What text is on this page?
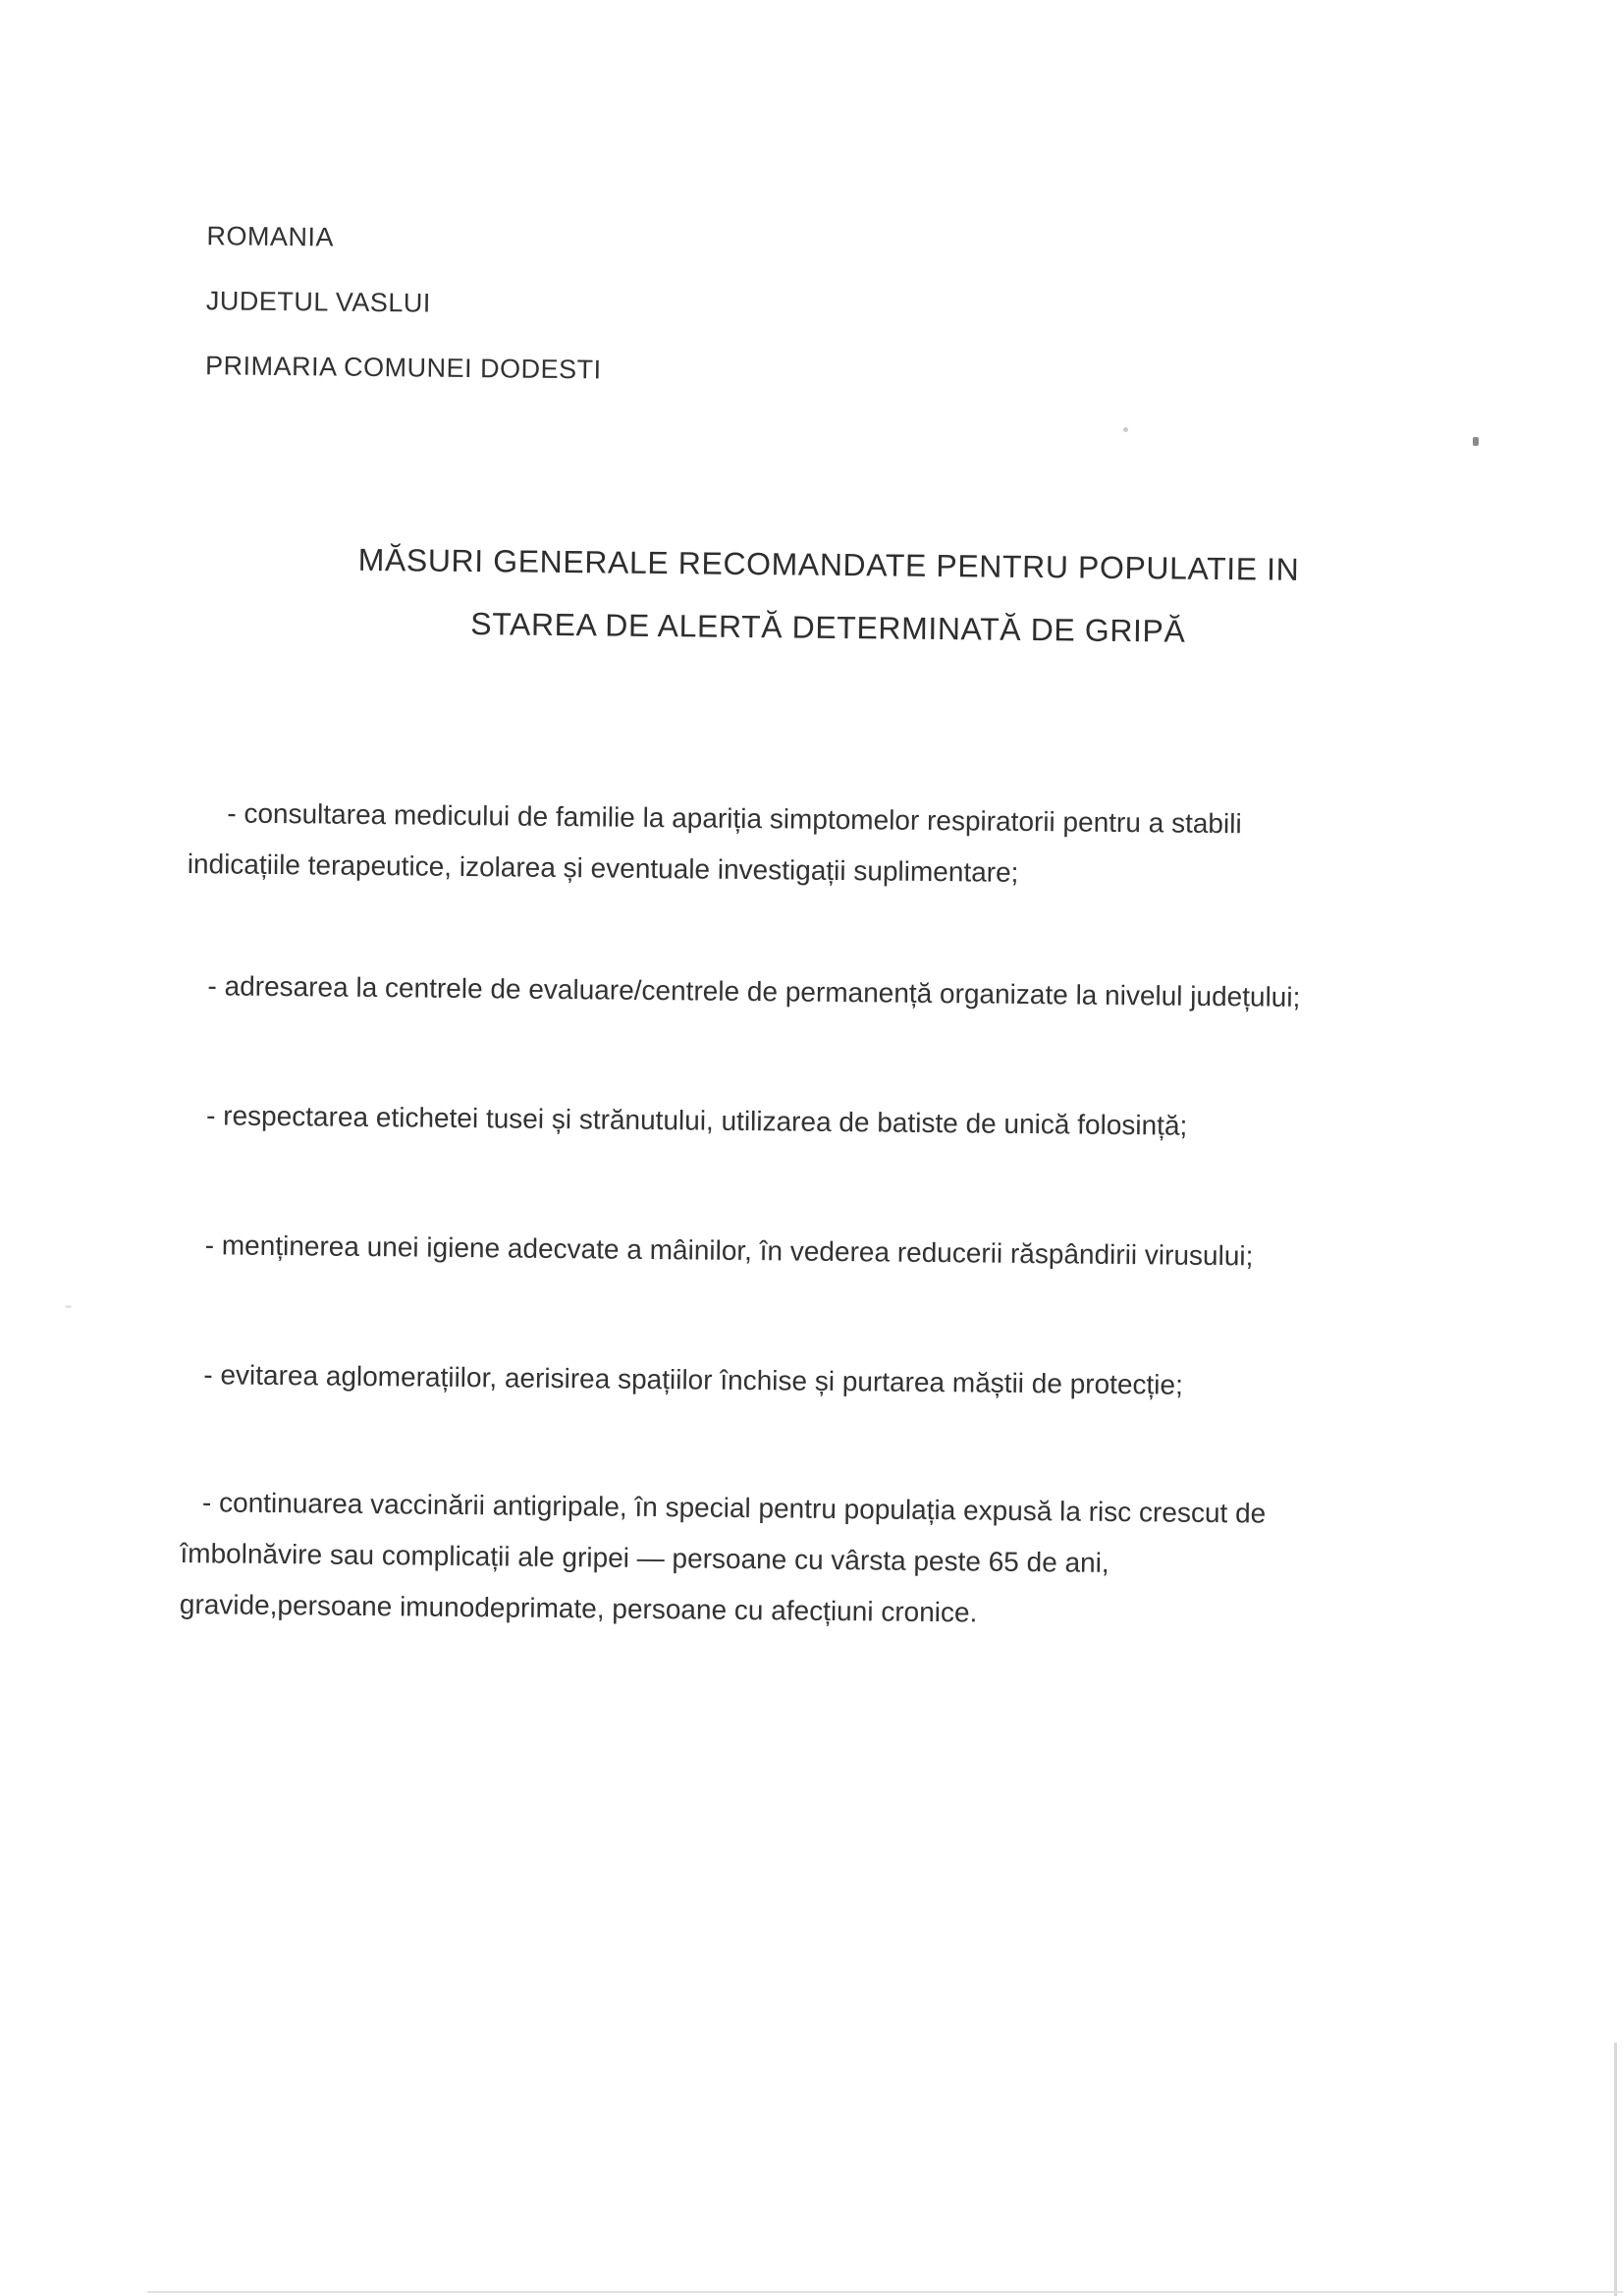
ROMANIA
JUDETUL VASLUI
PRIMARIA COMUNEI DODESTI
MĂSURI GENERALE RECOMANDATE PENTRU POPULATIE IN
STAREA DE ALERTĂ DETERMINATĂ DE GRIPĂ
- consultarea medicului de familie la apariția simptomelor respiratorii pentru a stabili
indicațiile terapeutice, izolarea și eventuale investigații suplimentare;
- adresarea la centrele de evaluare/centrele de permanență organizate la nivelul județului;
- respectarea etichetei tusei și strănutului, utilizarea de batiste de unică folosință;
- menținerea unei igiene adecvate a mâinilor, în vederea reducerii răspândirii virusului;
- evitarea aglomerațiilor, aerisirea spațiilor închise și purtarea măștii de protecție;
- continuarea vaccinării antigripale, în special pentru populația expusă la risc crescut de
îmbolnăvire sau complicații ale gripei — persoane cu vârsta peste 65 de ani,
gravide,persoane imunodeprimate, persoane cu afecțiuni cronice.
